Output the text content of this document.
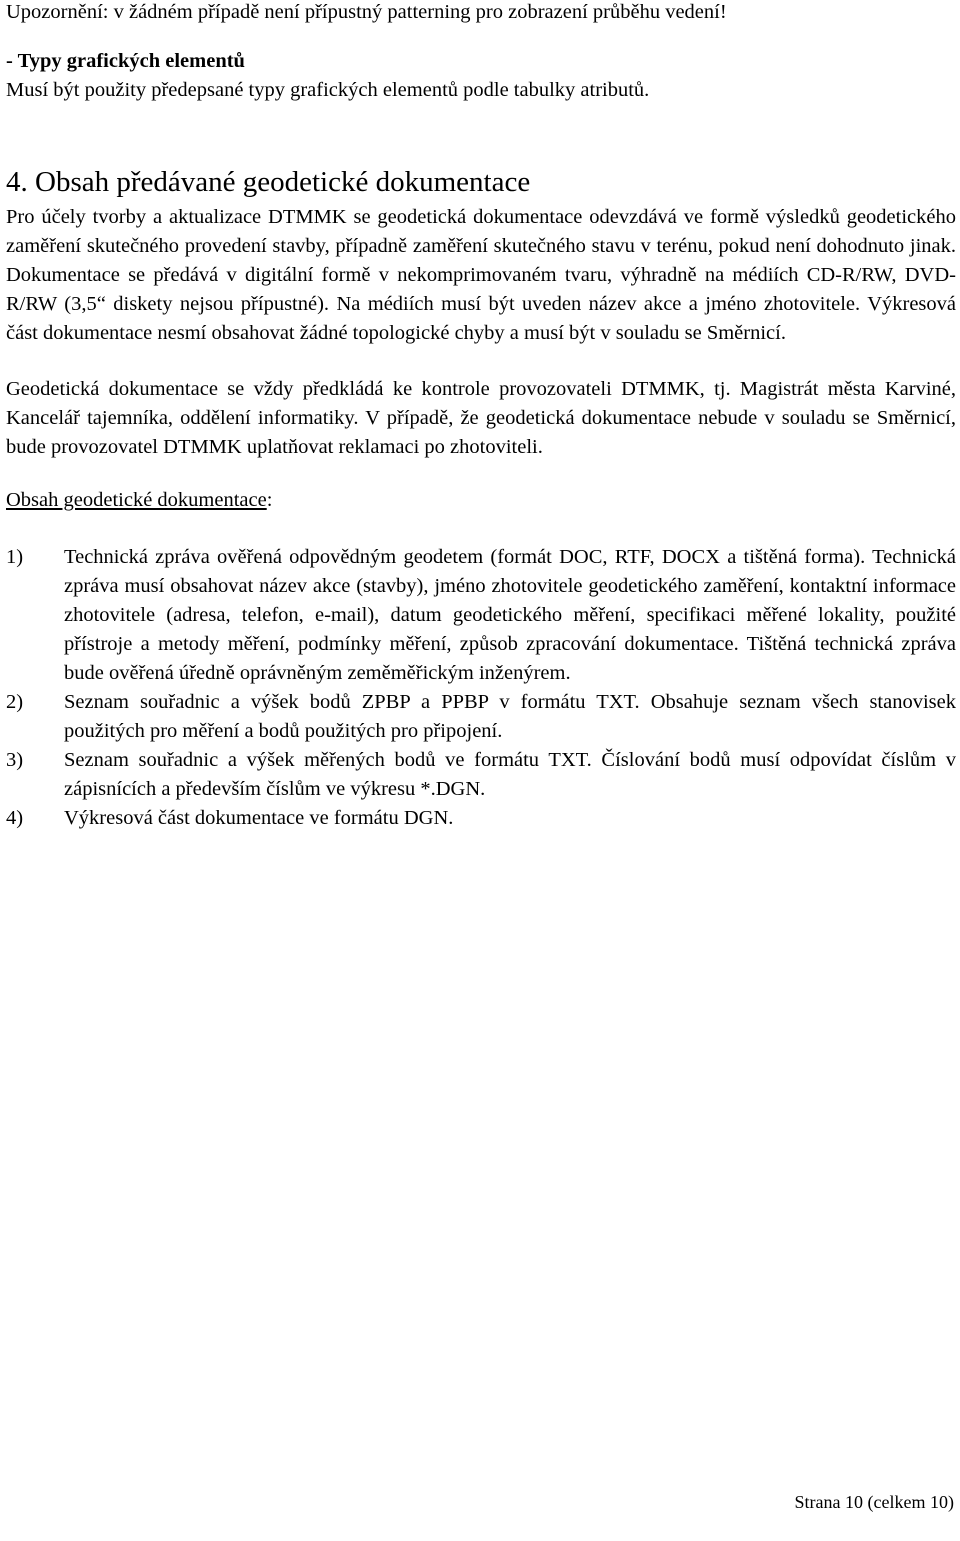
Upozornění: v žádném případě není přípustný patterning pro zobrazení průběhu vedení!

- Typy grafických elementů

Musí být použity předepsané typy grafických elementů podle tabulky atributů.

4. Obsah předávané geodetické dokumentace

Pro účely tvorby a aktualizace DTMMK se geodetická dokumentace odevzdává ve formě výsledků geodetického zaměření skutečného provedení stavby, případně zaměření skutečného stavu v terénu, pokud není dohodnuto jinak. Dokumentace se předává v digitální formě v nekomprimovaném tvaru, výhradně na médiích CD-R/RW, DVD-R/RW (3,5“ diskety nejsou přípustné). Na médiích musí být uveden název akce a jméno zhotovitele. Výkresová část dokumentace nesmí obsahovat žádné topologické chyby a musí být v souladu se Směrnicí.

Geodetická dokumentace se vždy předkládá ke kontrole provozovateli DTMMK, tj. Magistrát města Karviné, Kancelář tajemníka, oddělení informatiky. V případě, že geodetická dokumentace nebude v souladu se Směrnicí, bude provozovatel DTMMK uplatňovat reklamaci po zhotoviteli.

Obsah geodetické dokumentace:

1)	Technická zpráva ověřená odpovědným geodetem (formát DOC, RTF, DOCX a tištěná forma). Technická zpráva musí obsahovat název akce (stavby), jméno zhotovitele geodetického zaměření, kontaktní informace zhotovitele (adresa, telefon, e-mail), datum geodetického měření, specifikaci měřené lokality, použité přístroje a metody měření, podmínky měření, způsob zpracování dokumentace. Tištěná technická zpráva bude ověřená úředně oprávněným zeměměřickým inženýrem.
2)	Seznam souřadnic a výšek bodů ZPBP a PPBP v formátu TXT. Obsahuje seznam všech stanovisek použitých pro měření a bodů použitých pro připojení.
3)	Seznam souřadnic a výšek měřených bodů ve formátu TXT. Číslování bodů musí odpovídat číslům v zápisnících a především číslům ve výkresu *.DGN.
4)	Výkresová část dokumentace ve formátu DGN.
Strana 10 (celkem 10)
